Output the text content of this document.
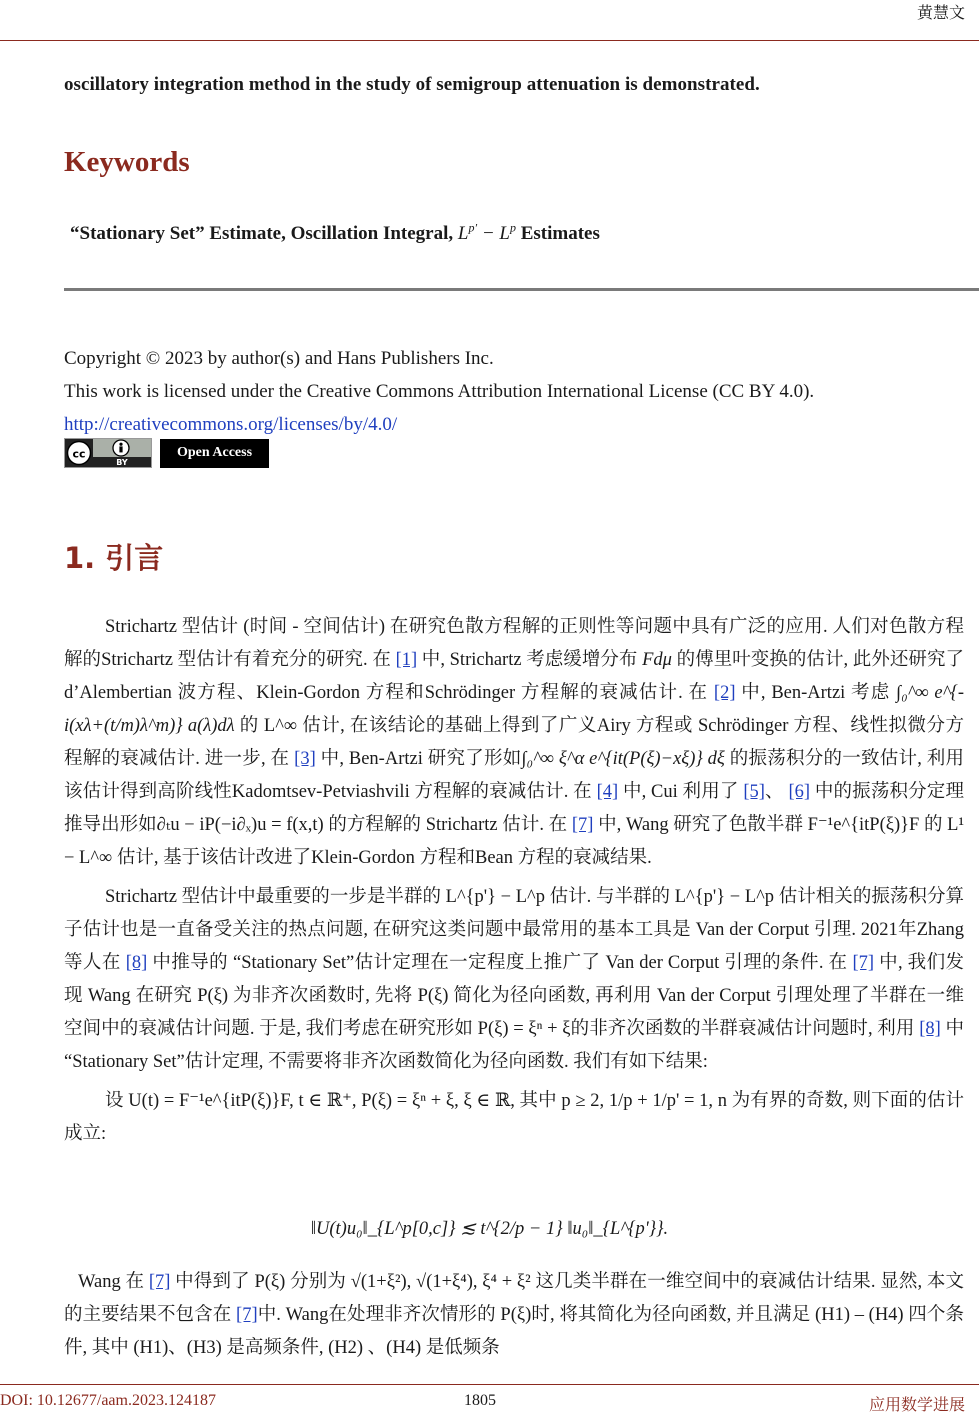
黄慧文
oscillatory integration method in the study of semigroup attenuation is demonstrated.
Keywords
“Stationary Set” Estimate, Oscillation Integral, $L^{p'} - L^p$ Estimates
Copyright © 2023 by author(s) and Hans Publishers Inc.
This work is licensed under the Creative Commons Attribution International License (CC BY 4.0).
http://creativecommons.org/licenses/by/4.0/
cc
BY
Open Access
1. 引言

Strichartz 型估计 (时间 - 空间估计) 在研究色散方程解的正则性等问题中具有广泛的应用. 人们对色散方程解的Strichartz 型估计有着充分的研究. 在 [1] 中, Strichartz 考虑缓增分布 Fdμ 的傅里叶变换的估计, 此外还研究了 d’Alembertian 波方程、Klein-Gordon 方程和Schrödinger 方程解的衰减估计. 在 [2] 中, Ben-Artzi 考虑 ∫₀^∞ e^{-i(xλ+(t/m)λ^m)} a(λ)dλ 的 L^∞ 估计, 在该结论的基础上得到了广义Airy 方程或 Schrödinger 方程、线性拟微分方程解的衰减估计. 进一步, 在 [3] 中, Ben-Artzi 研究了形如∫₀^∞ ξ^α e^{it(P(ξ)−xξ)} dξ 的振荡积分的一致估计, 利用该估计得到高阶线性Kadomtsev-Petviashvili 方程解的衰减估计. 在 [4] 中, Cui 利用了 [5]、 [6] 中的振荡积分定理推导出形如∂ₜu − iP(−i∂ₓ)u = f(x,t) 的方程解的 Strichartz 估计. 在 [7] 中, Wang 研究了色散半群 F⁻¹e^{itP(ξ)}F 的 L¹ − L^∞ 估计, 基于该估计改进了Klein-Gordon 方程和Bean 方程的衰减结果.

Strichartz 型估计中最重要的一步是半群的 L^{p'} − L^p 估计. 与半群的 L^{p'} − L^p 估计相关的振荡积分算子估计也是一直备受关注的热点问题, 在研究这类问题中最常用的基本工具是 Van der Corput 引理. 2021年Zhang 等人在 [8] 中推导的 “Stationary Set”估计定理在一定程度上推广了 Van der Corput 引理的条件. 在 [7] 中, 我们发现 Wang 在研究 P(ξ) 为非齐次函数时, 先将 P(ξ) 简化为径向函数, 再利用 Van der Corput 引理处理了半群在一维空间中的衰减估计问题. 于是, 我们考虑在研究形如 P(ξ) = ξⁿ + ξ的非齐次函数的半群衰减估计问题时, 利用 [8] 中 “Stationary Set”估计定理, 不需要将非齐次函数简化为径向函数. 我们有如下结果:

设 U(t) = F⁻¹e^{itP(ξ)}F, t ∈ ℝ⁺, P(ξ) = ξⁿ + ξ, ξ ∈ ℝ, 其中 p ≥ 2, 1/p + 1/p' = 1, n 为有界的奇数, 则下面的估计成立:

‖U(t)u₀‖_{L^p[0,c]} ≲ t^{2/p − 1} ‖u₀‖_{L^{p'}}.

Wang 在 [7] 中得到了 P(ξ) 分别为 √(1+ξ²), √(1+ξ⁴), ξ⁴ + ξ² 这几类半群在一维空间中的衰减估计结果. 显然, 本文的主要结果不包含在 [7]中. Wang在处理非齐次情形的 P(ξ)时, 将其简化为径向函数, 并且满足 (H1) – (H4) 四个条件, 其中 (H1)、(H3) 是高频条件, (H2) 、(H4) 是低频条

DOI: 10.12677/aam.2023.124187	1805	应用数学进展
